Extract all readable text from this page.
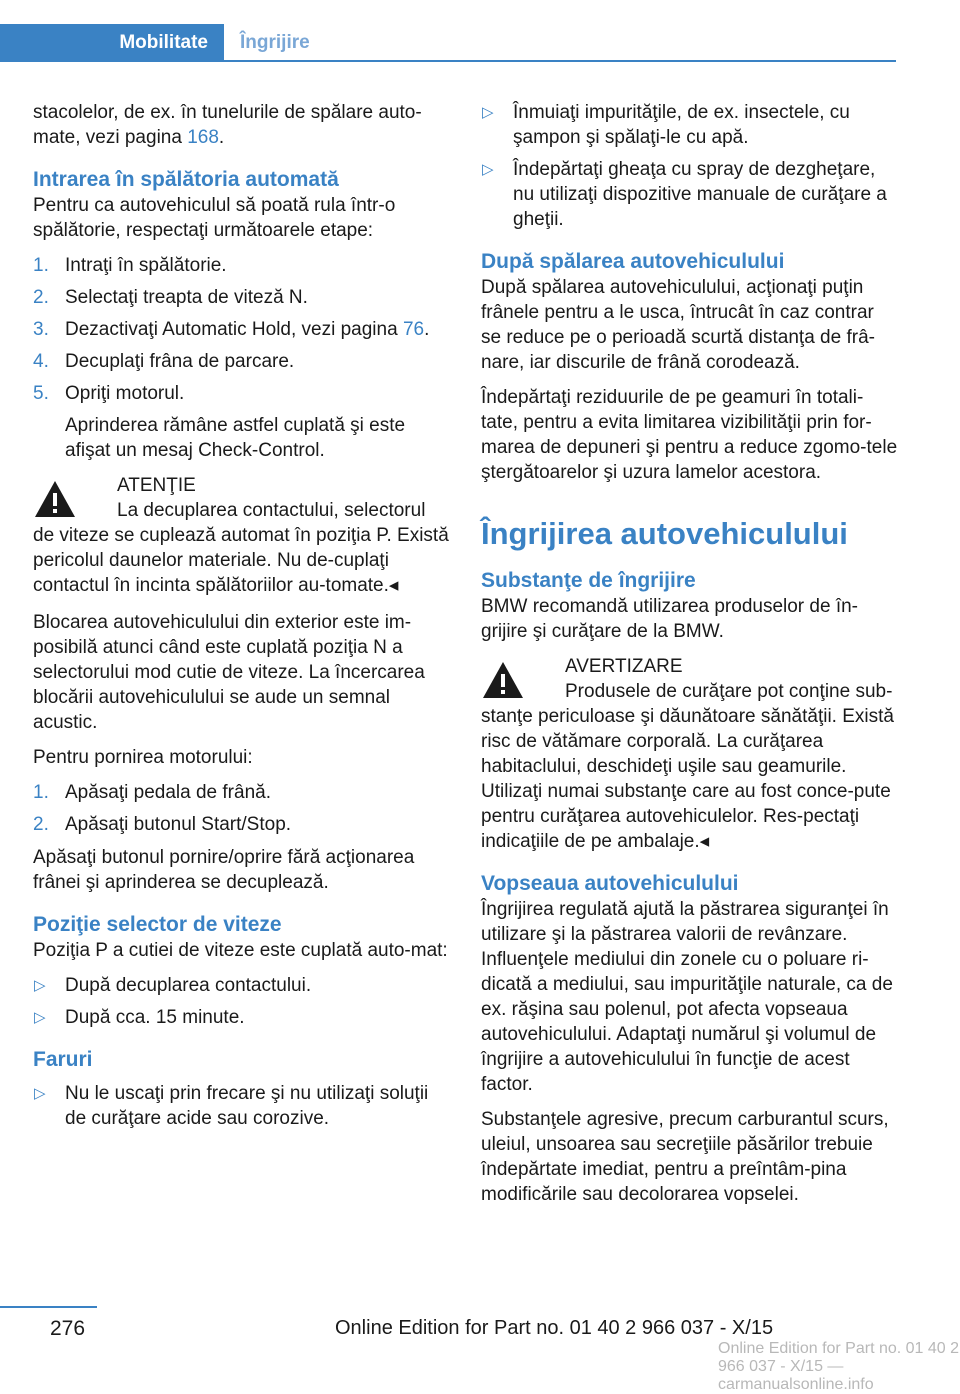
Mobilitate	Îngrijire

stacolelor, de ex. în tunelurile de spălare auto‐mate, vezi pagina 168.

Intrarea în spălătoria automată

Pentru ca autovehiculul să poată rula într-o spălătorie, respectaţi următoarele etape:

1. Intraţi în spălătorie.
2. Selectaţi treapta de viteză N.
3. Dezactivaţi Automatic Hold, vezi pagina 76.
4. Decuplaţi frâna de parcare.
5. Opriţi motorul.
Aprinderea rămâne astfel cuplată şi este afişat un mesaj Check-Control.
ATENŢIE
La decuplarea contactului, selectorul
de viteze se cuplează automat în poziţia P. Există pericolul daunelor materiale. Nu de‐cuplaţi contactul în incinta spălătoriilor au‐tomate.◂

Blocarea autovehiculului din exterior este im‐posibilă atunci când este cuplată poziţia N a selectorului mod cutie de viteze. La încercarea blocării autovehiculului se aude un semnal acustic.

Pentru pornirea motorului:

1. Apăsaţi pedala de frână.
2. Apăsaţi butonul Start/Stop.

Apăsaţi butonul pornire/oprire fără acţionarea frânei şi aprinderea se decuplează.

Poziţie selector de viteze

Poziţia P a cutiei de viteze este cuplată auto‐mat:

▷ După decuplarea contactului.
▷ După cca. 15 minute.
Faruri
▷ Nu le uscaţi prin frecare şi nu utilizaţi soluţii de curăţare acide sau corozive.
▷ Înmuiaţi impurităţile, de ex. insectele, cu şampon şi spălaţi-le cu apă.
▷ Îndepărtaţi gheaţa cu spray de dezgheţare, nu utilizaţi dispozitive manuale de curăţare a gheţii.
După spălarea autovehiculului

După spălarea autovehiculului, acţionaţi puţin frânele pentru a le usca, întrucât în caz contrar se reduce pe o perioadă scurtă distanţa de frâ‐nare, iar discurile de frână corodează.

Îndepărtaţi reziduurile de pe geamuri în totali‐tate, pentru a evita limitarea vizibilităţii prin for‐marea de depuneri şi pentru a reduce zgomo‐tele ştergătoarelor şi uzura lamelor acestora.

Îngrijirea autovehiculului
Substanţe de îngrijire

BMW recomandă utilizarea produselor de în‐grijire şi curăţare de la BMW.

AVERTIZARE
Produsele de curăţare pot conţine sub‐
stanţe periculoase şi dăunătoare sănătăţii. Există risc de vătămare corporală. La curăţarea habitaclului, deschideţi uşile sau geamurile. Utilizaţi numai substanţe care au fost conce‐pute pentru curăţarea autovehiculelor. Res‐pectaţi indicaţiile de pe ambalaje.◂
Vopseaua autovehiculului

Îngrijirea regulată ajută la păstrarea siguranţei în utilizare şi la păstrarea valorii de revânzare. Influenţele mediului din zonele cu o poluare ri‐dicată a mediului, sau impurităţile naturale, ca de ex. răşina sau polenul, pot afecta vopseaua autovehiculului. Adaptaţi numărul şi volumul de îngrijire a autovehiculului în funcţie de acest factor.

Substanţele agresive, precum carburantul scurs, uleiul, unsoarea sau secreţiile păsărilor trebuie îndepărtate imediat, pentru a preîntâm‐pina modificările sau decolorarea vopselei.

276	Online Edition for Part no. 01 40 2 966 037 - X/15
Online Edition for Part no. 01 40 2 966 037 - X/15 — carmanualsonline.info
